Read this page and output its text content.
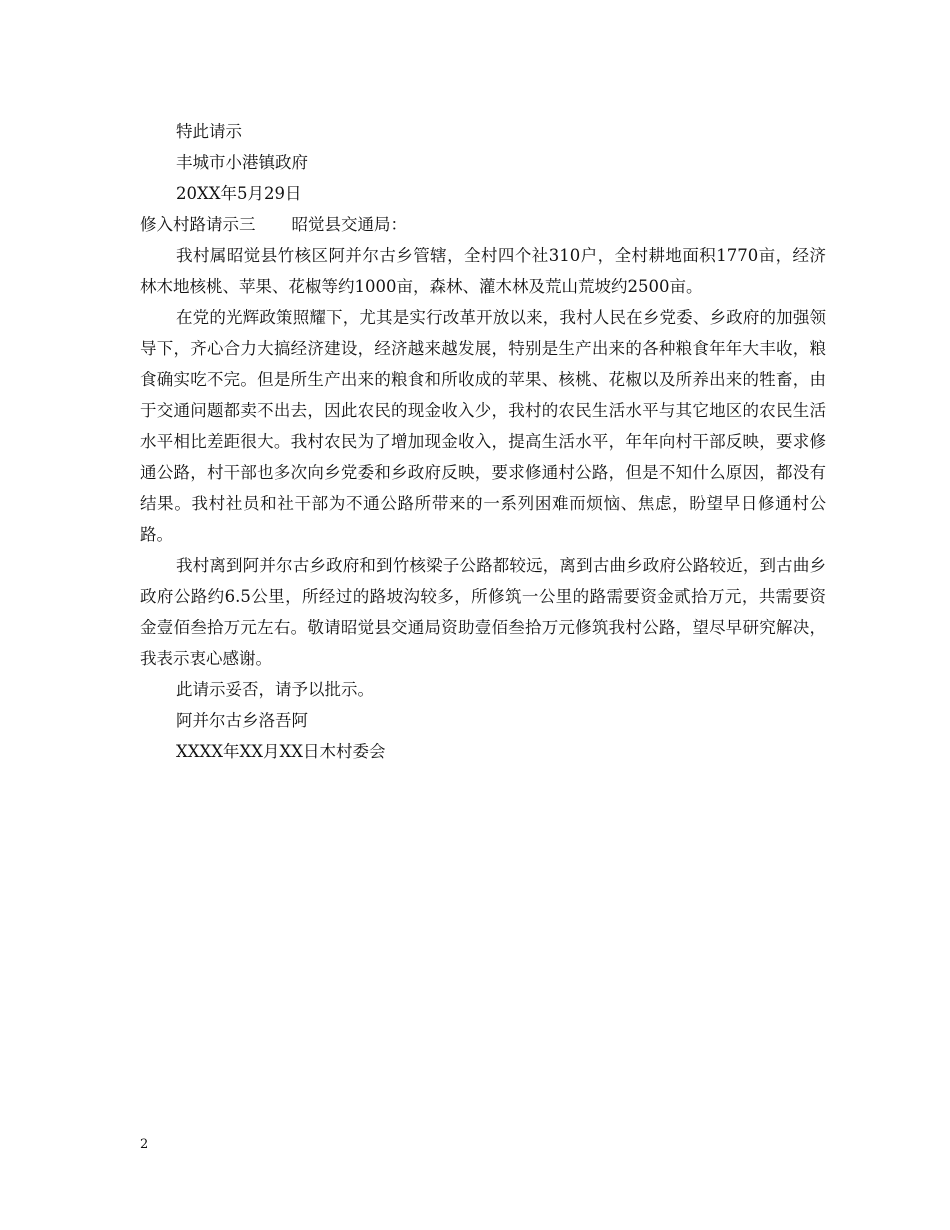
特此请示
丰城市小港镇政府
20XX年5月29日
修入村路请示三 昭觉县交通局：
我村属昭觉县竹核区阿并尔古乡管辖，全村四个社310户，全村耕地面积1770亩，经济林木地核桃、苹果、花椒等约1000亩，森林、灌木林及荒山荒坡约2500亩。
在党的光辉政策照耀下，尤其是实行改革开放以来，我村人民在乡党委、乡政府的加强领导下，齐心合力大搞经济建设，经济越来越发展，特别是生产出来的各种粮食年年大丰收，粮食确实吃不完。但是所生产出来的粮食和所收成的苹果、核桃、花椒以及所养出来的牲畜，由于交通问题都卖不出去，因此农民的现金收入少，我村的农民生活水平与其它地区的农民生活水平相比差距很大。我村农民为了增加现金收入，提高生活水平，年年向村干部反映，要求修通公路，村干部也多次向乡党委和乡政府反映，要求修通村公路，但是不知什么原因，都没有结果。我村社员和社干部为不通公路所带来的一系列困难而烦恼、焦虑，盼望早日修通村公路。
我村离到阿并尔古乡政府和到竹核梁子公路都较远，离到古曲乡政府公路较近，到古曲乡政府公路约6.5公里，所经过的路坡沟较多，所修筑一公里的路需要资金贰拾万元，共需要资金壹佰叁拾万元左右。敬请昭觉县交通局资助壹佰叁拾万元修筑我村公路，望尽早研究解决，我表示衷心感谢。
此请示妥否，请予以批示。
阿并尔古乡洛吾阿
XXXX年XX月XX日木村委会
2
